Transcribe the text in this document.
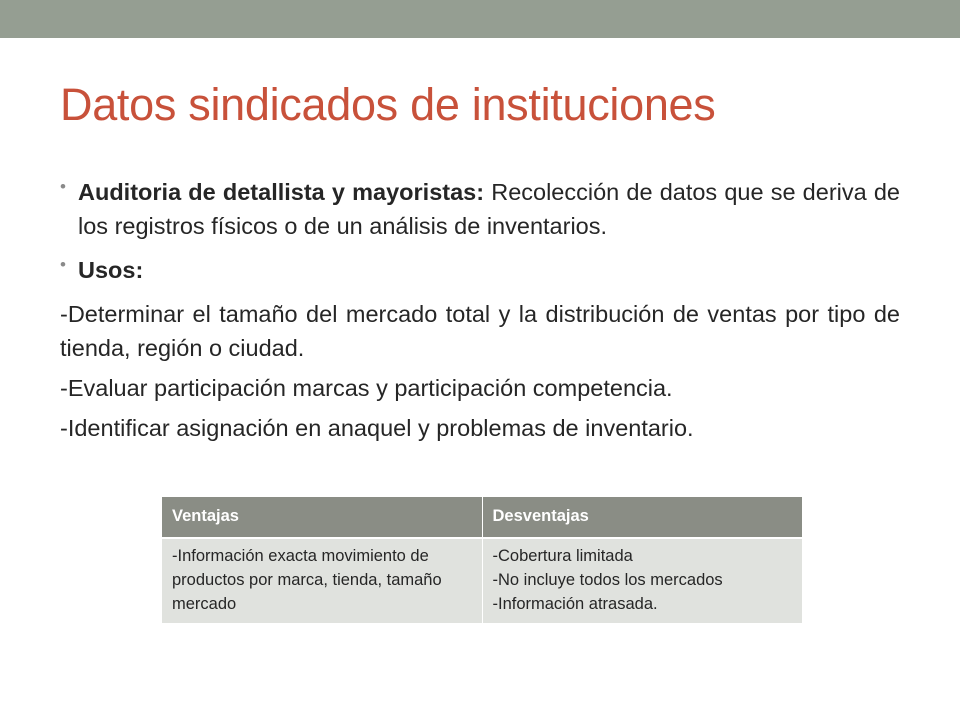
Datos sindicados de instituciones
• Auditoria de detallista y mayoristas: Recolección de datos que se deriva de los registros físicos o de un análisis de inventarios.
• Usos:
-Determinar el tamaño del mercado total y la distribución de ventas por tipo de tienda, región o ciudad.
-Evaluar participación marcas y participación competencia.
-Identificar asignación en anaquel y problemas de inventario.
Ventajas	Desventajas

-Información exacta movimiento de productos por marca, tienda, tamaño mercado	-Cobertura limitada
-No incluye todos los mercados
-Información atrasada.
